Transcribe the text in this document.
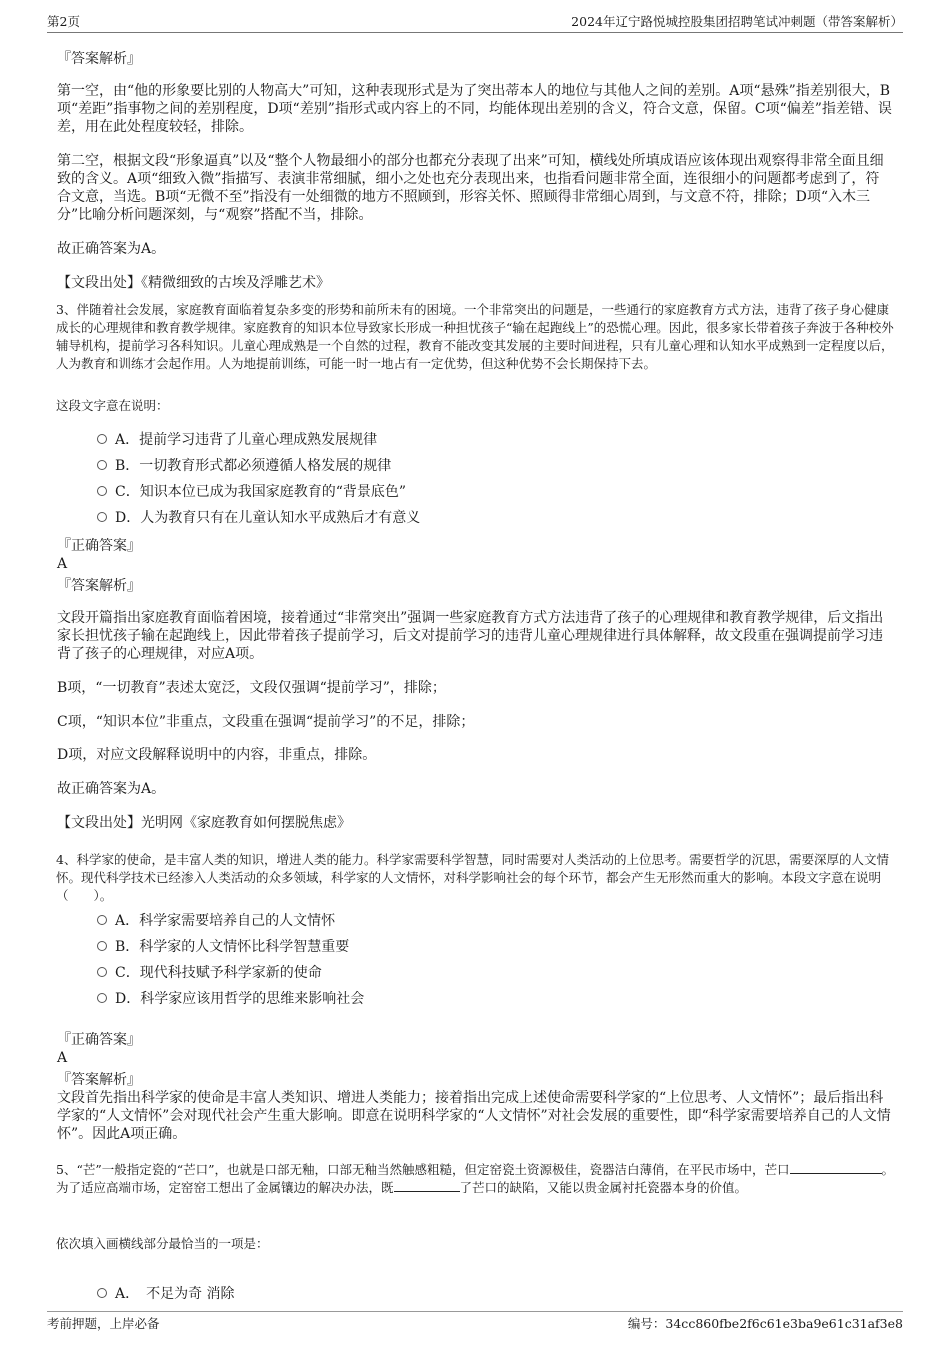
第2页	2024年辽宁路悦城控股集团招聘笔试冲刺题（带答案解析）
『答案解析』
第一空，由“他的形象要比别的人物高大”可知，这种表现形式是为了突出蒂本人的地位与其他人之间的差别。A项“悬殊”指差别很大，B项“差距”指事物之间的差别程度，D项“差别”指形式或内容上的不同，均能体现出差别的含义，符合文意，保留。C项“偏差”指差错、误差，用在此处程度较轻，排除。
第二空，根据文段“形象逼真”以及“整个人物最细小的部分也都充分表现了出来”可知，横线处所填成语应该体现出观察得非常全面且细致的含义。A项“细致入微”指描写、表演非常细腻，细小之处也充分表现出来，也指看问题非常全面，连很细小的问题都考虑到了，符合文意，当选。B项“无微不至”指没有一处细微的地方不照顾到，形容关怀、照顾得非常细心周到，与文意不符，排除；D项“入木三分”比喻分析问题深刻，与“观察”搭配不当，排除。
故正确答案为A。
【文段出处】《精微细致的古埃及浮雕艺术》
3、伴随着社会发展，家庭教育面临着复杂多变的形势和前所未有的困境。一个非常突出的问题是，一些通行的家庭教育方式方法，违背了孩子身心健康成长的心理规律和教育教学规律。家庭教育的知识本位导致家长形成一种担忧孩子“输在起跑线上”的恐慌心理。因此，很多家长带着孩子奔波于各种校外辅导机构，提前学习各科知识。儿童心理成熟是一个自然的过程，教育不能改变其发展的主要时间进程，只有儿童心理和认知水平成熟到一定程度以后，人为教育和训练才会起作用。人为地提前训练，可能一时一地占有一定优势，但这种优势不会长期保持下去。
这段文字意在说明：
A．提前学习违背了儿童心理成熟发展规律
B．一切教育形式都必须遵循人格发展的规律
C．知识本位已成为我国家庭教育的“背景底色”
D．人为教育只有在儿童认知水平成熟后才有意义
『正确答案』
A
『答案解析』
文段开篇指出家庭教育面临着困境，接着通过“非常突出”强调一些家庭教育方式方法违背了孩子的心理规律和教育教学规律，后文指出家长担忧孩子输在起跑线上，因此带着孩子提前学习，后文对提前学习的违背儿童心理规律进行具体解释，故文段重在强调提前学习违背了孩子的心理规律，对应A项。
B项，“一切教育”表述太宽泛，文段仅强调“提前学习”，排除；
C项，“知识本位”非重点，文段重在强调“提前学习”的不足，排除；
D项，对应文段解释说明中的内容，非重点，排除。
故正确答案为A。
【文段出处】光明网《家庭教育如何摆脱焦虑》
4、科学家的使命，是丰富人类的知识，增进人类的能力。科学家需要科学智慧，同时需要对人类活动的上位思考。需要哲学的沉思，需要深厚的人文情怀。现代科学技术已经渗入人类活动的众多领域，科学家的人文情怀，对科学影响社会的每个环节，都会产生无形然而重大的影响。本段文字意在说明（　　）。
A．科学家需要培养自己的人文情怀
B．科学家的人文情怀比科学智慧重要
C．现代科技赋予科学家新的使命
D．科学家应该用哲学的思维来影响社会
『正确答案』
A
『答案解析』
文段首先指出科学家的使命是丰富人类知识、增进人类能力；接着指出完成上述使命需要科学家的“上位思考、人文情怀”；最后指出科学家的“人文情怀”会对现代社会产生重大影响。即意在说明科学家的“人文情怀”对社会发展的重要性，即“科学家需要培养自己的人文情怀”。因此A项正确。
5、“芒”一般指定瓷的“芒口”，也就是口部无釉，口部无釉当然触感粗糙，但定窑瓷土资源极佳，瓷器洁白薄俏，在平民市场中，芒口	。为了适应高端市场，定窑窑工想出了金属镶边的解决办法，既	了芒口的缺陷，又能以贵金属衬托瓷器本身的价值。
依次填入画横线部分最恰当的一项是：
A．　不足为奇 消除
考前押题，上岸必备	编号：34cc860fbe2f6c61e3ba9e61c31af3e8
